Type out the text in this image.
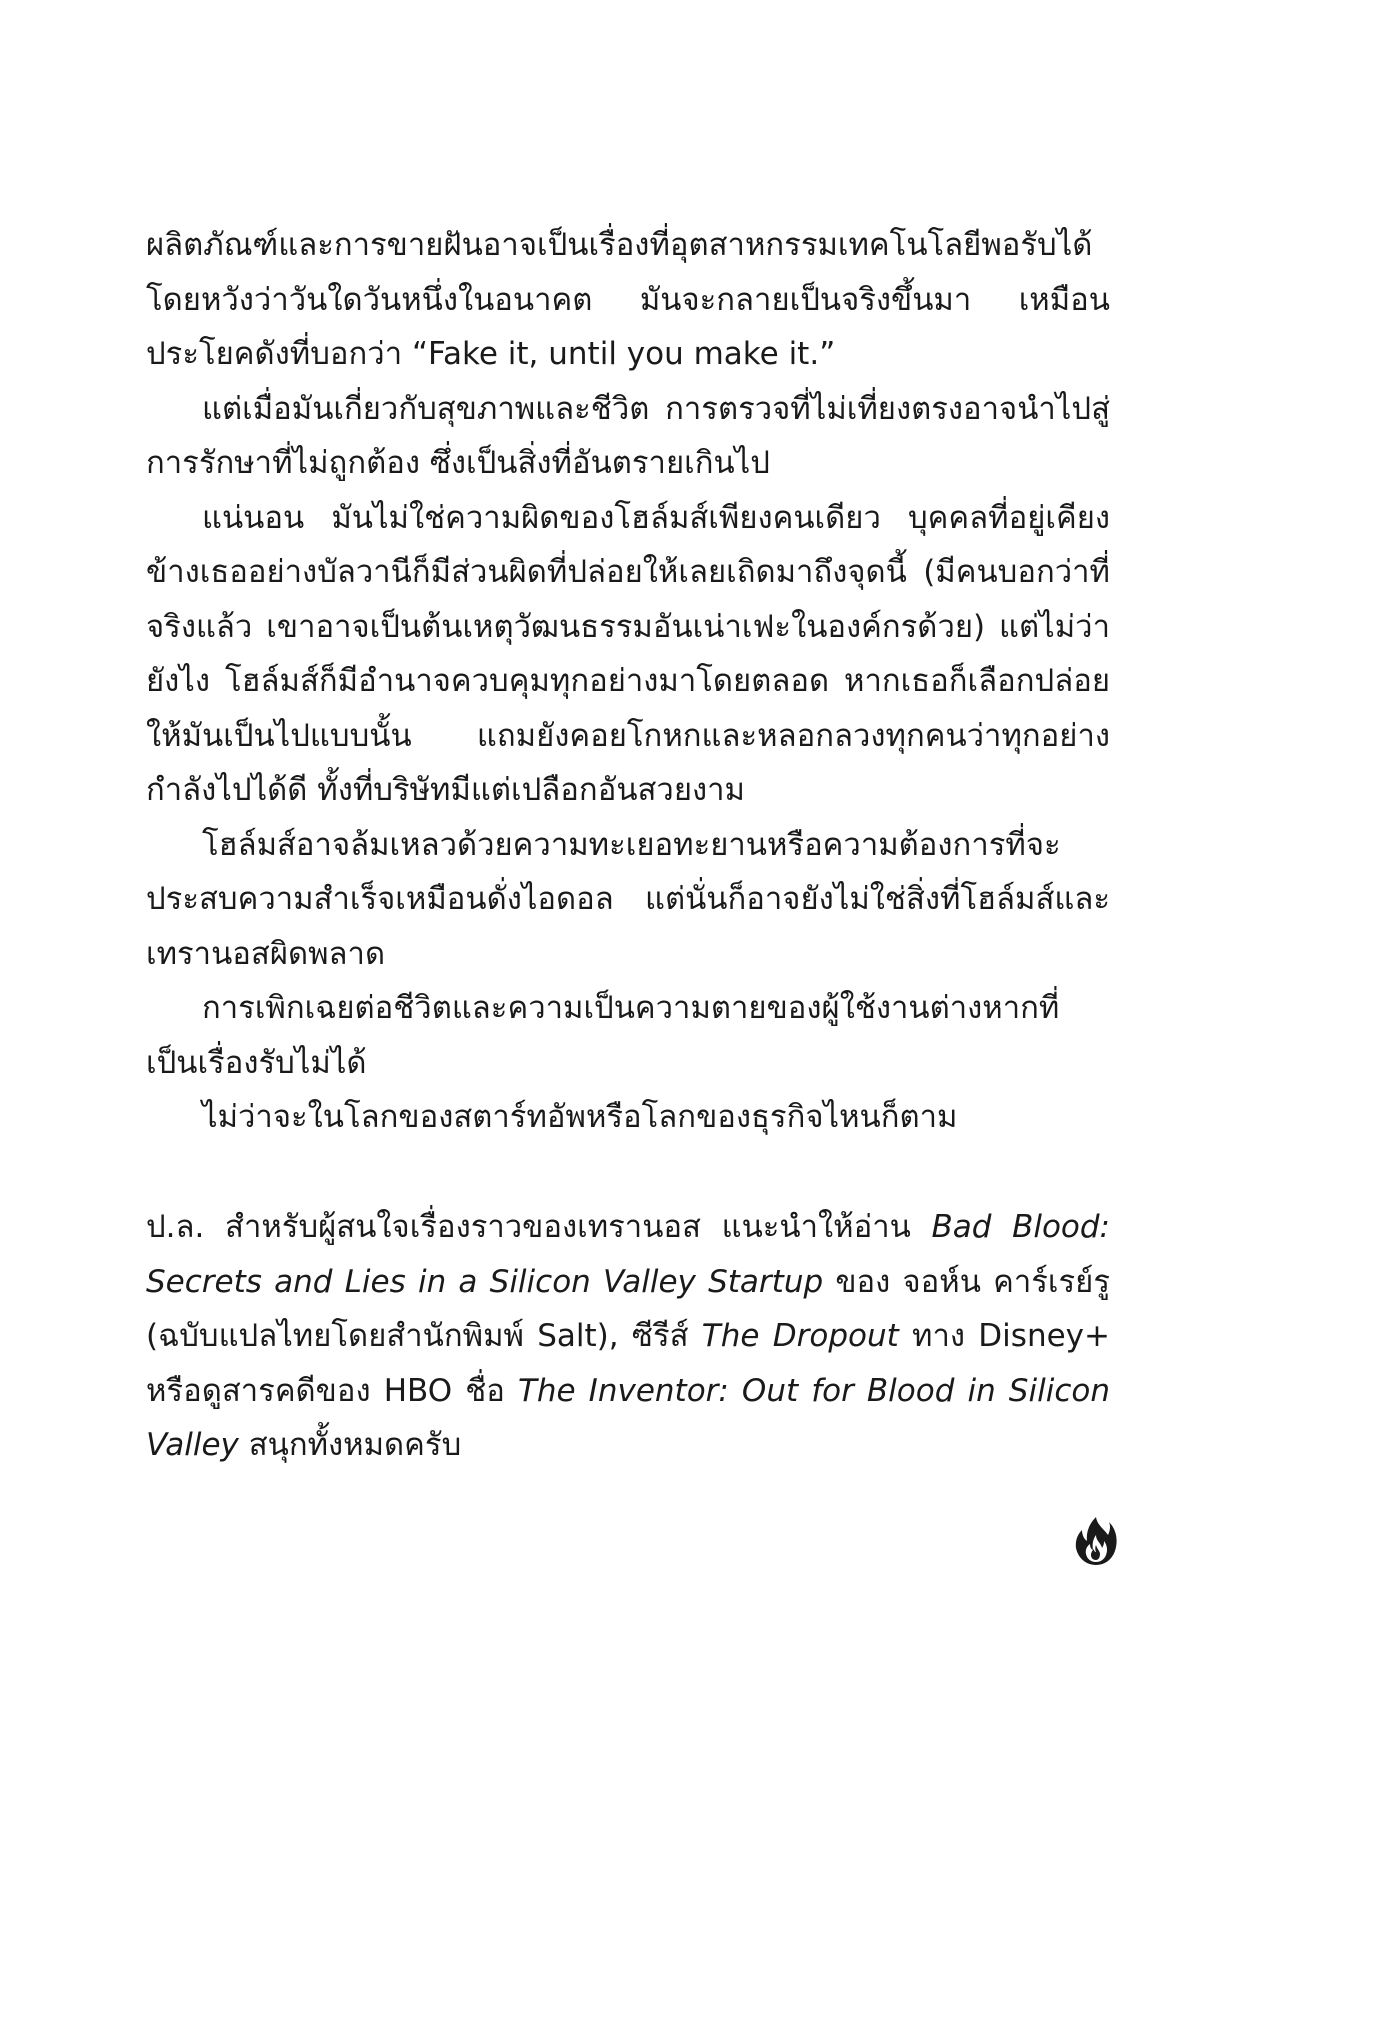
ผลิตภัณฑ์และการขายฝันอาจเป็นเรื่องที่อุตสาหกรรมเทคโนโลยีพอรับได้ โดยหวังว่าวันใดวันหนึ่งในอนาคต มันจะกลายเป็นจริงขึ้นมา เหมือนประโยคดังที่บอกว่า “Fake it, until you make it.”

แต่เมื่อมันเกี่ยวกับสุขภาพและชีวิต การตรวจที่ไม่เที่ยงตรงอาจนำไปสู่การรักษาที่ไม่ถูกต้อง ซึ่งเป็นสิ่งที่อันตรายเกินไป

แน่นอน มันไม่ใช่ความผิดของโฮล์มส์เพียงคนเดียว บุคคลที่อยู่เคียงข้างเธออย่างบัลวานีก็มีส่วนผิดที่ปล่อยให้เลยเถิดมาถึงจุดนี้ (มีคนบอกว่าที่จริงแล้ว เขาอาจเป็นต้นเหตุวัฒนธรรมอันเน่าเฟะในองค์กรด้วย) แต่ไม่ว่ายังไง โฮล์มส์ก็มีอำนาจควบคุมทุกอย่างมาโดยตลอด หากเธอก็เลือกปล่อยให้มันเป็นไปแบบนั้น แถมยังคอยโกหกและหลอกลวงทุกคนว่าทุกอย่างกำลังไปได้ดี ทั้งที่บริษัทมีแต่เปลือกอันสวยงาม

โฮล์มส์อาจล้มเหลวด้วยความทะเยอทะยานหรือความต้องการที่จะประสบความสำเร็จเหมือนดั่งไอดอล แต่นั่นก็อาจยังไม่ใช่สิ่งที่โฮล์มส์และเทรานอสผิดพลาด

การเพิกเฉยต่อชีวิตและความเป็นความตายของผู้ใช้งานต่างหากที่เป็นเรื่องรับไม่ได้

ไม่ว่าจะในโลกของสตาร์ทอัพหรือโลกของธุรกิจไหนก็ตาม

ป.ล. สำหรับผู้สนใจเรื่องราวของเทรานอส แนะนำให้อ่าน Bad Blood: Secrets and Lies in a Silicon Valley Startup ของ จอห์น คาร์เรย์รู (ฉบับแปลไทยโดยสำนักพิมพ์ Salt), ซีรีส์ The Dropout ทาง Disney+ หรือดูสารคดีของ HBO ชื่อ The Inventor: Out for Blood in Silicon Valley สนุกทั้งหมดครับ
